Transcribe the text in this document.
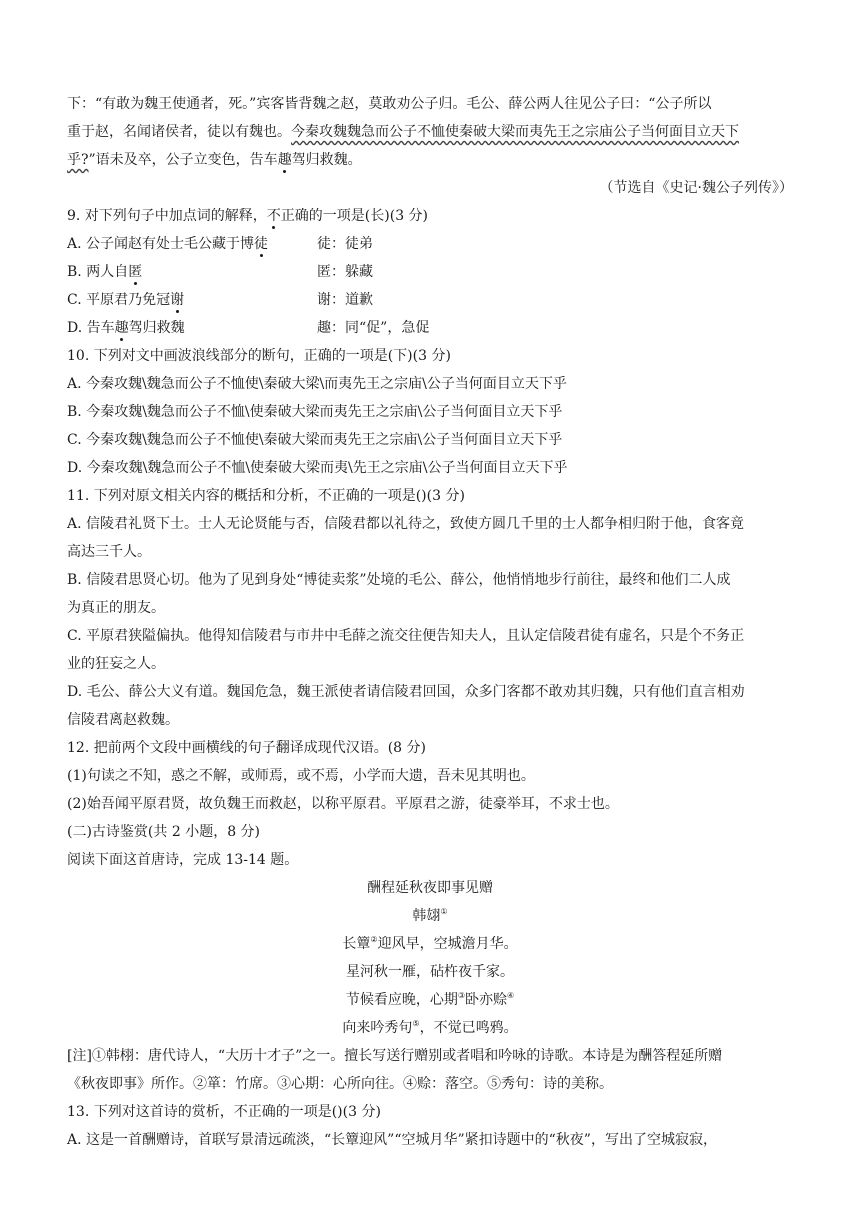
下：“有敢为魏王使通者，死。”宾客皆背魏之赵，莫敢劝公子归。毛公、薛公两人往见公子曰：“公子所以
重于赵，名闻诸侯者，徒以有魏也。今秦攻魏魏急而公子不恤使秦破大梁而夷先王之宗庙公子当何面目立天下
乎?”语未及卒，公子立变色，告车趣驾归救魏。
（节选自《史记·魏公子列传》）
9. 对下列句子中加点词的解释，不正确的一项是(长)(3 分)
A. 公子闻赵有处士毛公藏于博徒	徒：徒弟
B. 两人自匿	匿：躲藏
C. 平原君乃免冠谢	谢：道歉
D. 告车趣驾归救魏	趣：同“促”，急促
10. 下列对文中画波浪线部分的断句，正确的一项是(下)(3 分)
A. 今秦攻魏\魏急而公子不恤使\秦破大梁\而夷先王之宗庙\公子当何面目立天下乎
B. 今秦攻魏\魏急而公子不恤\使秦破大梁而夷先王之宗庙\公子当何面目立天下乎
C. 今秦攻魏\魏急而公子不恤使\秦破大梁而夷先王之宗庙\公子当何面目立天下乎
D. 今秦攻魏\魏急而公子不恤\使秦破大梁而夷\先王之宗庙\公子当何面目立天下乎
11. 下列对原文相关内容的概括和分析，不正确的一项是()(3 分)
A. 信陵君礼贤下士。士人无论贤能与否，信陵君都以礼待之，致使方圆几千里的士人都争相归附于他，食客竟
高达三千人。
B. 信陵君思贤心切。他为了见到身处“博徒卖浆”处境的毛公、薛公，他悄悄地步行前往，最终和他们二人成
为真正的朋友。
C. 平原君狭隘偏执。他得知信陵君与市井中毛薛之流交往便告知夫人，且认定信陵君徒有虚名，只是个不务正
业的狂妄之人。
D. 毛公、薛公大义有道。魏国危急，魏王派使者请信陵君回国，众多门客都不敢劝其归魏，只有他们直言相劝
信陵君离赵救魏。
12. 把前两个文段中画横线的句子翻译成现代汉语。(8 分)
(1)句读之不知，惑之不解，或师焉，或不焉，小学而大遗，吾未见其明也。
(2)始吾闻平原君贤，故负魏王而救赵，以称平原君。平原君之游，徒豪举耳，不求士也。
(二)古诗鉴赏(共 2 小题，8 分)
阅读下面这首唐诗，完成 13-14 题。
酬程延秋夜即事见赠
韩翃①
长簟②迎风早，空城澹月华。
星河秋一雁，砧杵夜千家。
节候看应晚，心期③卧亦赊④
向来吟秀句⑤，不觉已鸣鸦。
[注]①韩栩：唐代诗人，“大历十才子”之一。擅长写送行赠别或者唱和吟咏的诗歌。本诗是为酬答程延所赠
《秋夜即事》所作。②箪：竹席。③心期：心所向往。④赊：落空。⑤秀句：诗的美称。
13. 下列对这首诗的赏析，不正确的一项是()(3 分)
A. 这是一首酬赠诗，首联写景清远疏淡，“长簟迎风”“空城月华”紧扣诗题中的“秋夜”，写出了空城寂寂，
